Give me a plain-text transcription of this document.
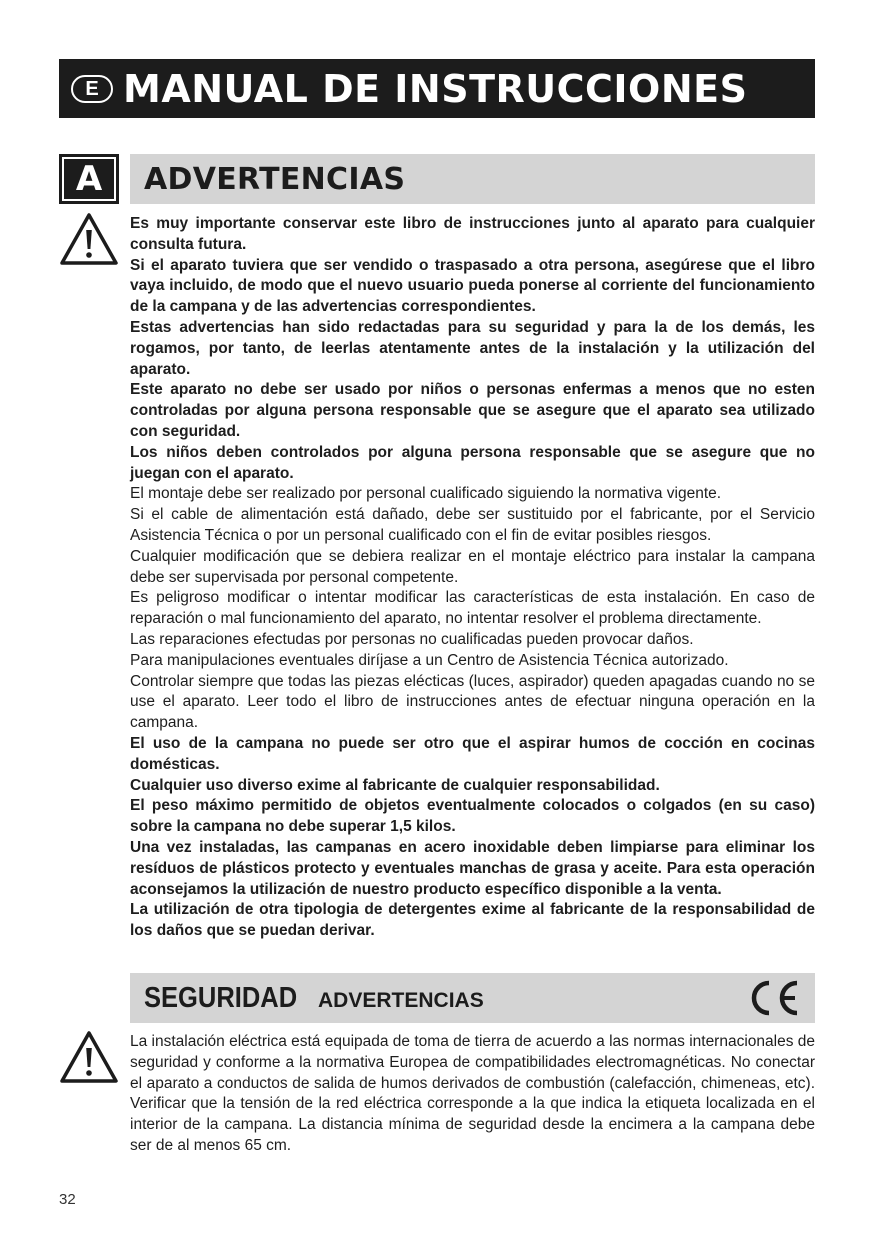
E MANUAL DE INSTRUCCIONES
A	ADVERTENCIAS

Es muy importante conservar este libro de instrucciones junto al aparato para cualquier consulta futura.

Si el aparato tuviera que ser vendido o traspasado a otra persona, asegúrese que el libro vaya incluido, de modo que el nuevo usuario pueda ponerse al corriente del funcionamiento de la campana y de las advertencias correspondientes.

Estas advertencias han sido redactadas para su seguridad y para la de los demás, les rogamos, por tanto, de leerlas atentamente antes de la instalación y la utilización del aparato.

Este aparato no debe ser usado por niños o personas enfermas a menos que no esten controladas por alguna persona responsable que se asegure que el aparato sea utilizado con seguridad.

Los niños deben controlados por alguna persona responsable que se asegure que no juegan con el aparato.

El montaje debe ser realizado por personal cualificado siguiendo la normativa vigente.

Si el cable de alimentación está dañado, debe ser sustituido por el fabricante, por el Servicio Asistencia Técnica o por un personal cualificado con el fin de evitar posibles riesgos.

Cualquier modificación que se debiera realizar en el montaje eléctrico para instalar la campana debe ser supervisada por personal competente.

Es peligroso modificar o intentar modificar las características de esta instalación. En caso de reparación o mal funcionamiento del aparato, no intentar resolver el problema directamente.

Las reparaciones efectudas por personas no cualificadas pueden provocar daños.

Para manipulaciones eventuales diríjase a un Centro de Asistencia Técnica autorizado.

Controlar siempre que todas las piezas elécticas (luces, aspirador) queden apagadas cuando no se use el aparato. Leer todo el libro de instrucciones antes de efectuar ninguna operación en la campana.

El uso de la campana no puede ser otro que el aspirar humos de cocción en cocinas domésticas.

Cualquier uso diverso exime al fabricante de cualquier responsabilidad.

El peso máximo permitido de objetos eventualmente colocados o colgados (en su caso) sobre la campana no debe superar 1,5 kilos.

Una vez instaladas, las campanas en acero inoxidable deben limpiarse para eliminar los resíduos de plásticos protecto y eventuales manchas de grasa y aceite. Para esta operación aconsejamos la utilización de nuestro producto específico disponible a la venta.

La utilización de otra tipologia de detergentes exime al fabricante de la responsabilidad de los daños que se puedan derivar.

SEGURIDAD ADVERTENCIAS

La instalación eléctrica está equipada de toma de tierra de acuerdo a las normas internacionales de seguridad y conforme a la normativa Europea de compatibilidades electromagnéticas. No conectar el aparato a conductos de salida de humos derivados de combustión (calefacción, chimeneas, etc). Verificar que la tensión de la red eléctrica corresponde a la que indica la etiqueta localizada en el interior de la campana. La distancia mínima de seguridad desde la encimera a la campana debe ser de al menos 65 cm.

32
